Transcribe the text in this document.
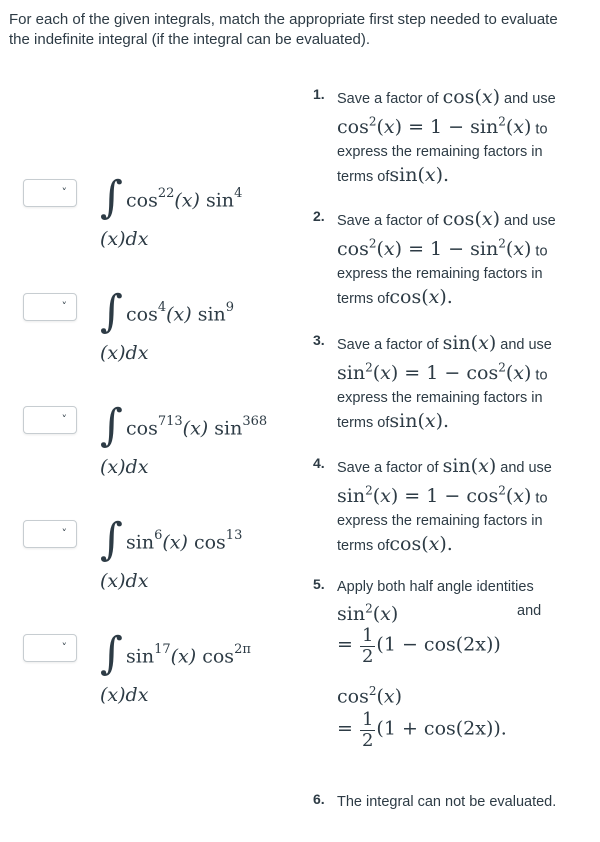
For each of the given integrals, match the appropriate first step needed to evaluate
the indefinite integral (if the integral can be evaluated).
˅
˅
˅
˅
˅
∫ $\cos^{22}(x)$ $\sin^4$
(x)dx
∫ $\cos^4(x)$ $\sin^9$
(x)dx
∫ $\cos^{713}(x)$ $\sin^{368}$
(x)dx
∫ $\sin^6(x)$ $\cos^{13}$
(x)dx
∫ $\sin^{17}(x)$ $\cos^{2\pi}$
(x)dx
1. Save a factor of cos(x) and use
$\cos^2(x) = 1 - \sin^2(x)$ to
express the remaining factors in
terms ofsin(x).
2. Save a factor of cos(x) and use
$\cos^2(x) = 1 - \sin^2(x)$ to
express the remaining factors in
terms ofcos(x).
3. Save a factor of sin(x) and use
$\sin^2(x) = 1 - \cos^2(x)$ to
express the remaining factors in
terms ofsin(x).
4. Save a factor of sin(x) and use
$\sin^2(x) = 1 - \cos^2(x)$ to
express the remaining factors in
terms ofcos(x).
5. Apply both half angle identities
$\sin^2(x)$	and
= $\frac{1}{2} (1 - \cos(2x))$
$\cos^2(x)$
= $\frac{1}{2} (1 + \cos(2x))$.
6. The integral can not be evaluated.
